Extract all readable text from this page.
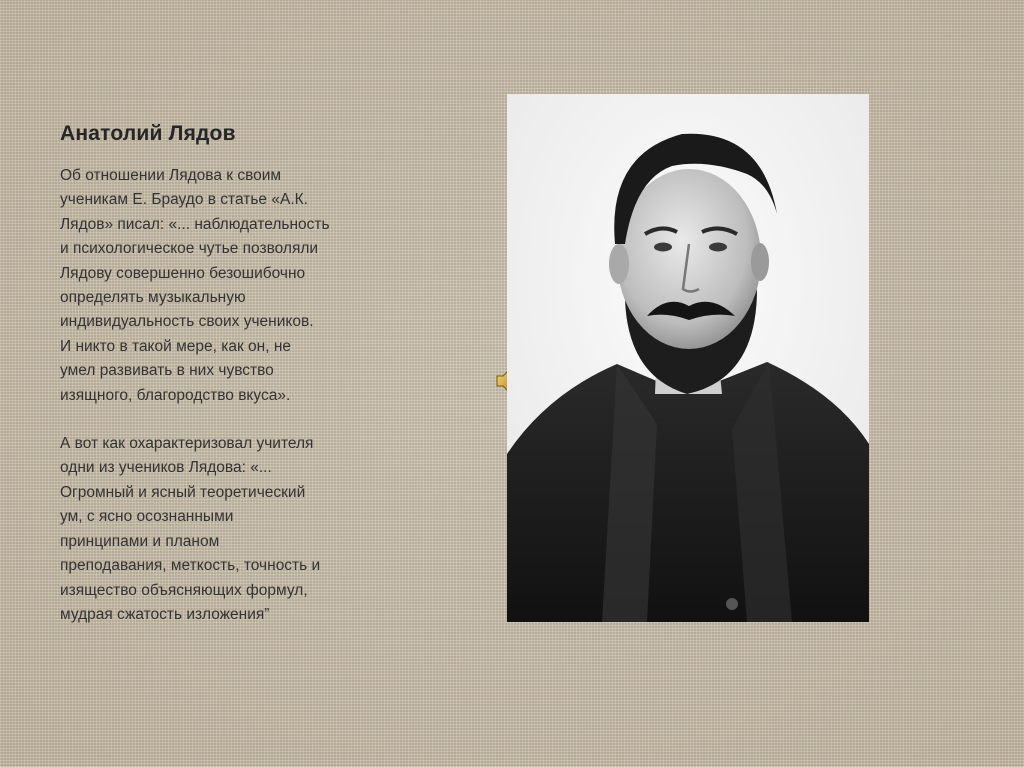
Анатолий Лядов

Об отношении Лядова к своим
ученикам Е. Браудо в статье «А.К.
Лядов» писал: «... наблюдательность
и психологическое чутье позволяли
Лядову совершенно безошибочно
определять музыкальную
индивидуальность своих учеников.
И никто в такой мере, как он, не
умел развивать в них чувство
изящного, благородство вкуса».

А вот как охарактеризовал учителя
одни из учеников Лядова: «...
Огромный и ясный теоретический
ум, с ясно осознанными
принципами и планом
преподавания, меткость, точность и
изящество объясняющих формул,
мудрая сжатость изложения”
